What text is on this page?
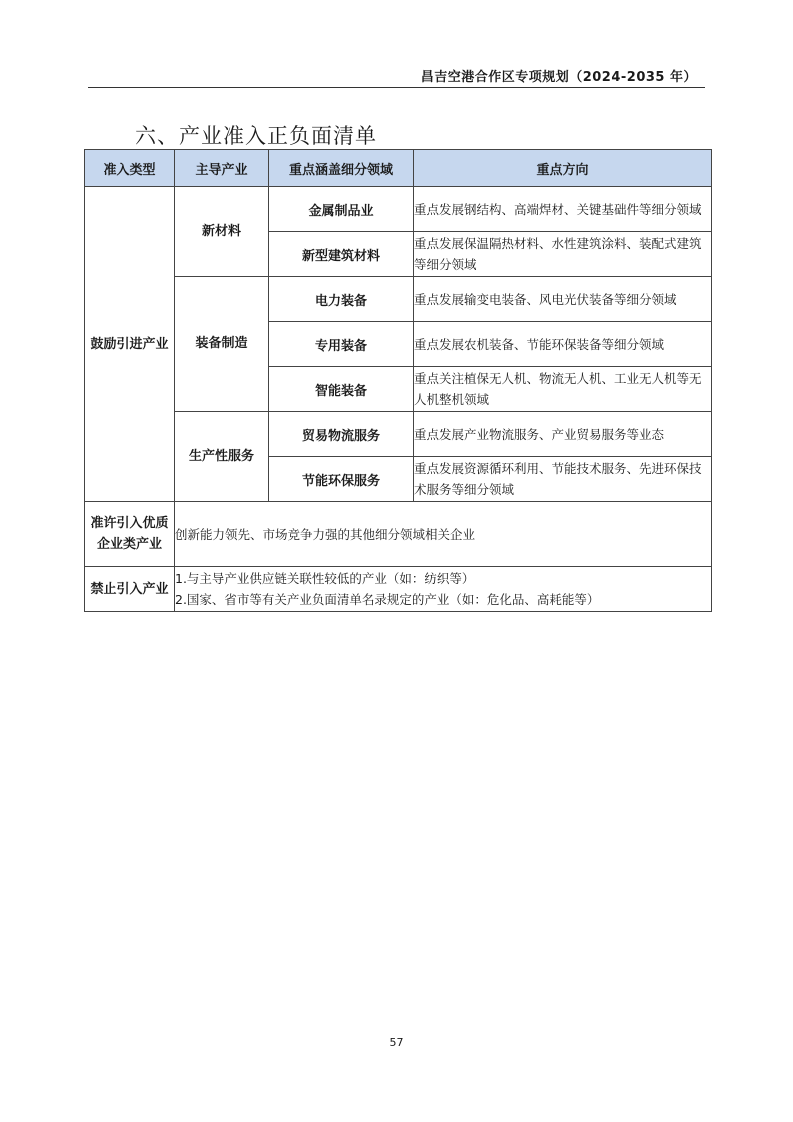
昌吉空港合作区专项规划（2024-2035 年）
六、产业准入正负面清单
准入类型	主导产业	重点涵盖细分领域	重点方向
鼓励引进产业	新材料	金属制品业	重点发展钢结构、高端焊材、关键基础件等细分领域
		新型建筑材料	重点发展保温隔热材料、水性建筑涂料、装配式建筑等细分领域
	装备制造	电力装备	重点发展输变电装备、风电光伏装备等细分领域
		专用装备	重点发展农机装备、节能环保装备等细分领域
		智能装备	重点关注植保无人机、物流无人机、工业无人机等无人机整机领域
	生产性服务	贸易物流服务	重点发展产业物流服务、产业贸易服务等业态
		节能环保服务	重点发展资源循环利用、节能技术服务、先进环保技术服务等细分领域
准许引入优质企业类产业	创新能力领先、市场竞争力强的其他细分领域相关企业		
禁止引入产业	1.与主导产业供应链关联性较低的产业（如：纺织等）
2.国家、省市等有关产业负面清单名录规定的产业（如：危化品、高耗能等）		
57
